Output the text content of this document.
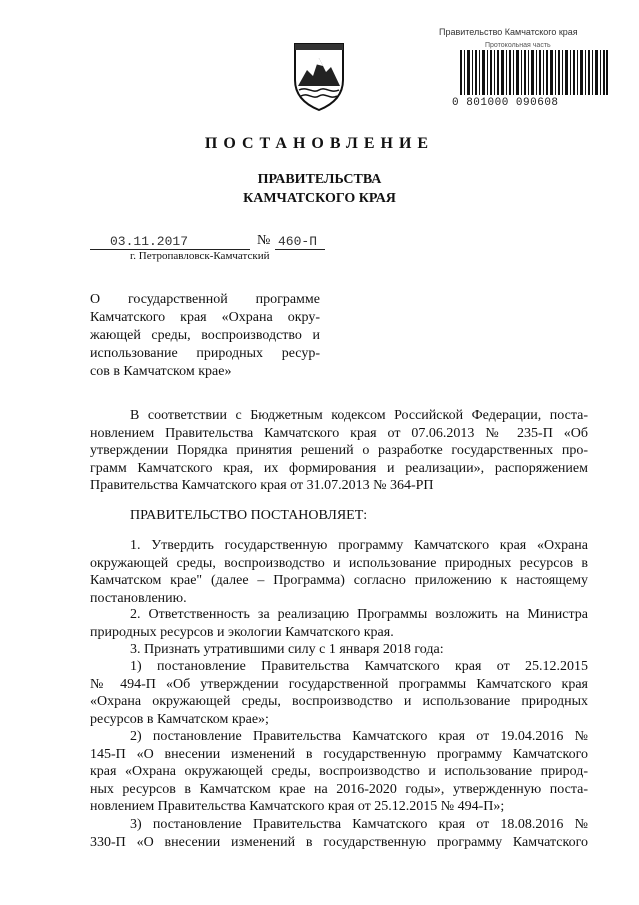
Правительство Камчатского края
Протокольная часть
0 801000 090608
ПОСТАНОВЛЕНИЕ
ПРАВИТЕЛЬСТВА
КАМЧАТСКОГО КРАЯ
03.11.2017	№ 460-П
г. Петропавловск-Камчатский
О государственной программе
Камчатского края «Охрана окру-
жающей среды, воспроизводство и
использование природных ресур-
сов в Камчатском крае»
В соответствии с Бюджетным кодексом Российской Федерации, поста-
новлением Правительства Камчатского края от 07.06.2013 № 235-П «Об
утверждении Порядка принятия решений о разработке государственных про-
грамм Камчатского края, их формирования и реализации», распоряжением
Правительства Камчатского края от 31.07.2013 № 364-РП
ПРАВИТЕЛЬСТВО ПОСТАНОВЛЯЕТ:
1. Утвердить государственную программу Камчатского края «Охрана
окружающей среды, воспроизводство и использование природных ресурсов в
Камчатском крае" (далее – Программа) согласно приложению к настоящему
постановлению.
2. Ответственность за реализацию Программы возложить на Министра
природных ресурсов и экологии Камчатского края.
3. Признать утратившими силу с 1 января 2018 года:
1) постановление Правительства Камчатского края от 25.12.2015
№ 494-П «Об утверждении государственной программы Камчатского края
«Охрана окружающей среды, воспроизводство и использование природных
ресурсов в Камчатском крае»;
2) постановление Правительства Камчатского края от 19.04.2016 №
145-П «О внесении изменений в государственную программу Камчатского
края «Охрана окружающей среды, воспроизводство и использование природ-
ных ресурсов в Камчатском крае на 2016-2020 годы», утвержденную поста-
новлением Правительства Камчатского края от 25.12.2015 № 494-П»;
3) постановление Правительства Камчатского края от 18.08.2016 №
330-П «О внесении изменений в государственную программу Камчатского
